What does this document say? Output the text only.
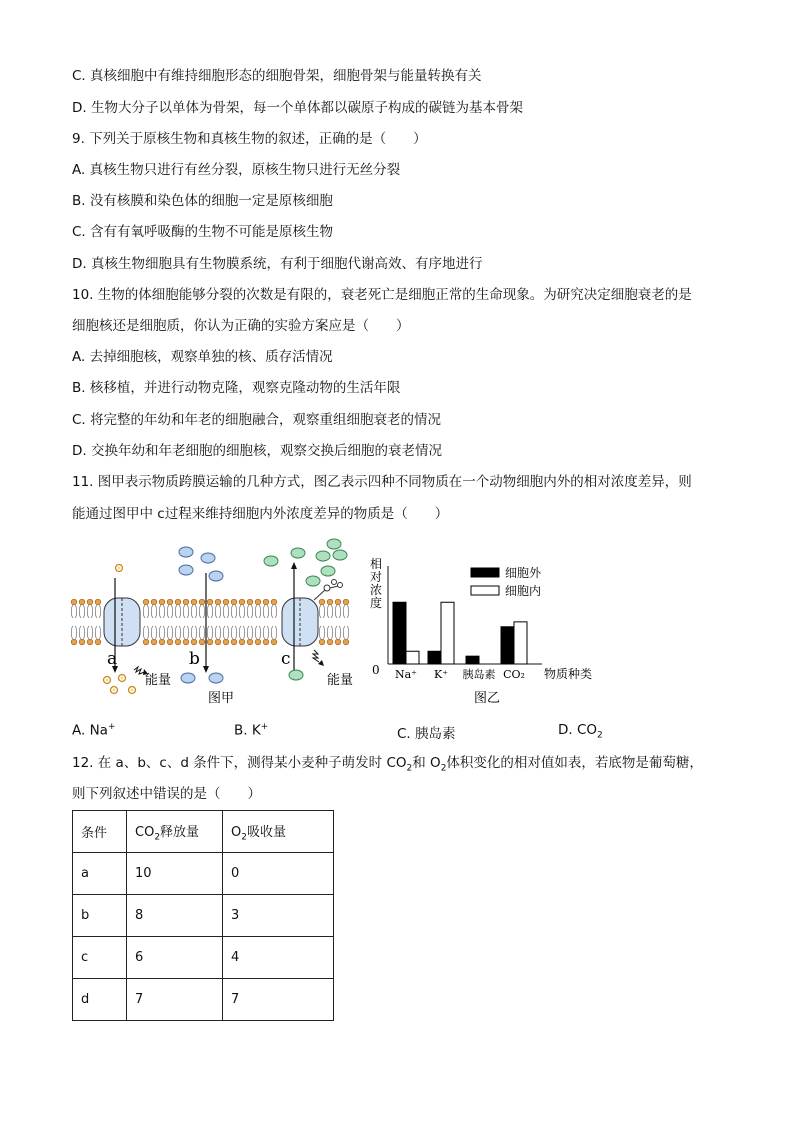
C. 真核细胞中有维持细胞形态的细胞骨架，细胞骨架与能量转换有关
D. 生物大分子以单体为骨架，每一个单体都以碳原子构成的碳链为基本骨架
9. 下列关于原核生物和真核生物的叙述，正确的是（　　）
A. 真核生物只进行有丝分裂，原核生物只进行无丝分裂
B. 没有核膜和染色体的细胞一定是原核细胞
C. 含有有氧呼吸酶的生物不可能是原核生物
D. 真核生物细胞具有生物膜系统，有利于细胞代谢高效、有序地进行
10. 生物的体细胞能够分裂的次数是有限的，衰老死亡是细胞正常的生命现象。为研究决定细胞衰老的是
细胞核还是细胞质，你认为正确的实验方案应是（　　）
A. 去掉细胞核，观察单独的核、质存活情况
B. 核移植，并进行动物克隆，观察克隆动物的生活年限
C. 将完整的年幼和年老的细胞融合，观察重组细胞衰老的情况
D. 交换年幼和年老细胞的细胞核，观察交换后细胞的衰老情况
11. 图甲表示物质跨膜运输的几种方式，图乙表示四种不同物质在一个动物细胞内外的相对浓度差异，则
能通过图甲中 c过程来维持细胞内外浓度差异的物质是（　　）
a	b	c
能量	能量
图甲
相
对
浓
度
0
细胞外
细胞内
Na⁺ K⁺ 胰岛素 CO₂ 物质种类
图乙
A. Na+	B. K+	C. 胰岛素	D. $CO_2$
12. 在 a、b、c、d 条件下，测得某小麦种子萌发时 $CO_2$和 $O_2$体积变化的相对值如表，若底物是葡萄糖，
则下列叙述中错误的是（　　）
条件	$CO_2$释放量	$O_2$吸收量
a	10	0
b	8	3
c	6	4
d	7	7
